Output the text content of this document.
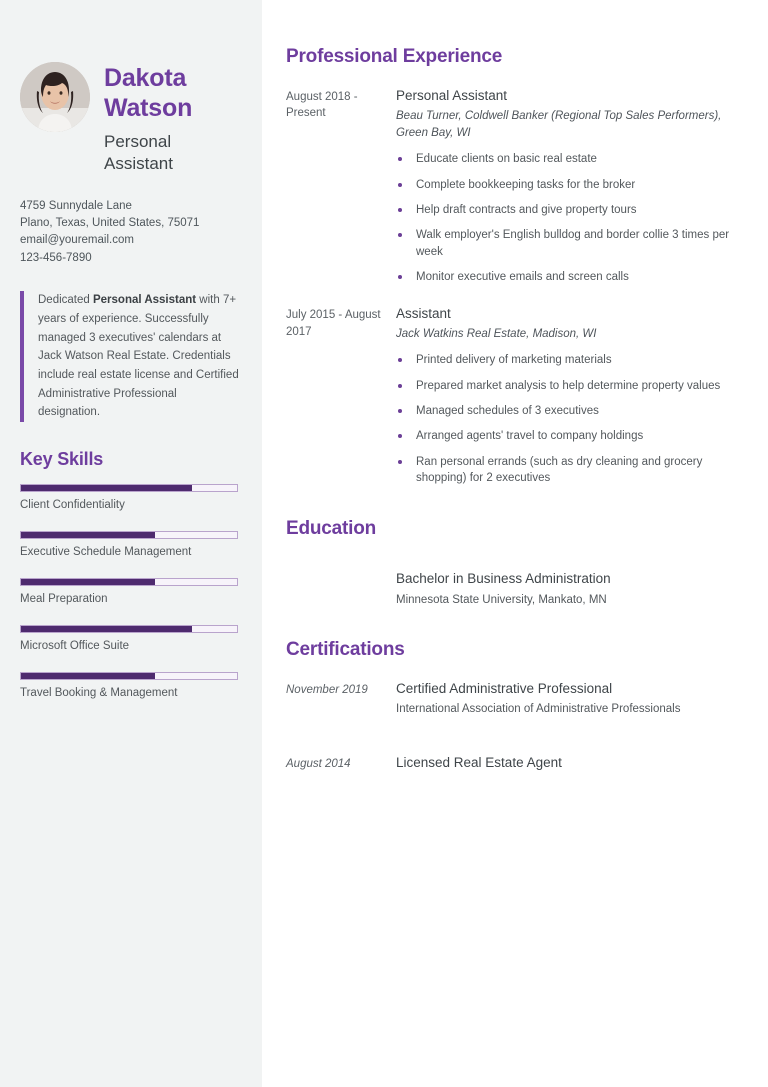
Dakota
Watson
Personal
Assistant
4759 Sunnydale Lane
Plano, Texas, United States, 75071
email@youremail.com
123-456-7890
Dedicated Personal Assistant with 7+ years of experience. Successfully managed 3 executives' calendars at Jack Watson Real Estate. Credentials include real estate license and Certified Administrative Professional designation.
Key Skills
Client Confidentiality
Executive Schedule Management
Meal Preparation
Microsoft Office Suite
Travel Booking & Management
Professional Experience
August 2018 - Present
Personal Assistant
Beau Turner, Coldwell Banker (Regional Top Sales Performers), Green Bay, WI
Educate clients on basic real estate
Complete bookkeeping tasks for the broker
Help draft contracts and give property tours
Walk employer's English bulldog and border collie 3 times per week
Monitor executive emails and screen calls
July 2015 - August 2017
Assistant
Jack Watkins Real Estate, Madison, WI
Printed delivery of marketing materials
Prepared market analysis to help determine property values
Managed schedules of 3 executives
Arranged agents' travel to company holdings
Ran personal errands (such as dry cleaning and grocery shopping) for 2 executives
Education
Bachelor in Business Administration
Minnesota State University, Mankato, MN
Certifications
November 2019	Certified Administrative Professional
International Association of Administrative Professionals
August 2014	Licensed Real Estate Agent
